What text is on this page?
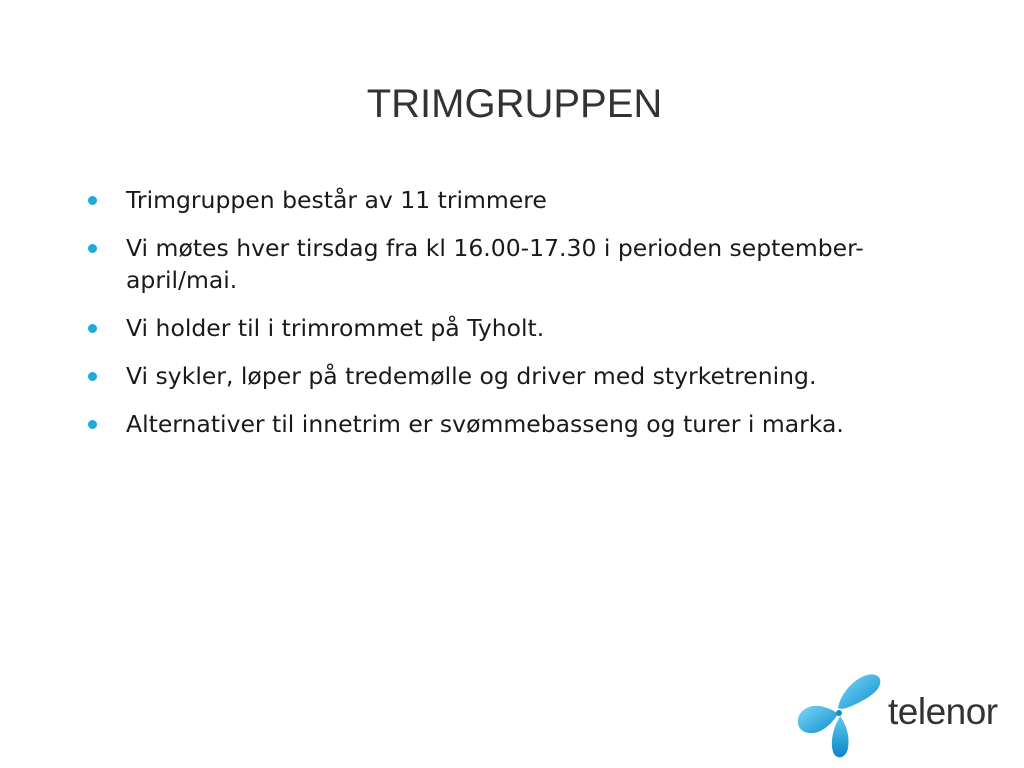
TRIMGRUPPEN
Trimgruppen består av 11 trimmere
Vi møtes hver tirsdag fra kl 16.00-17.30 i perioden september-april/mai.
Vi holder til i trimrommet på Tyholt.
Vi sykler, løper på tredemølle og driver med styrketrening.
Alternativer til innetrim er svømmebasseng og turer i marka.
telenor
